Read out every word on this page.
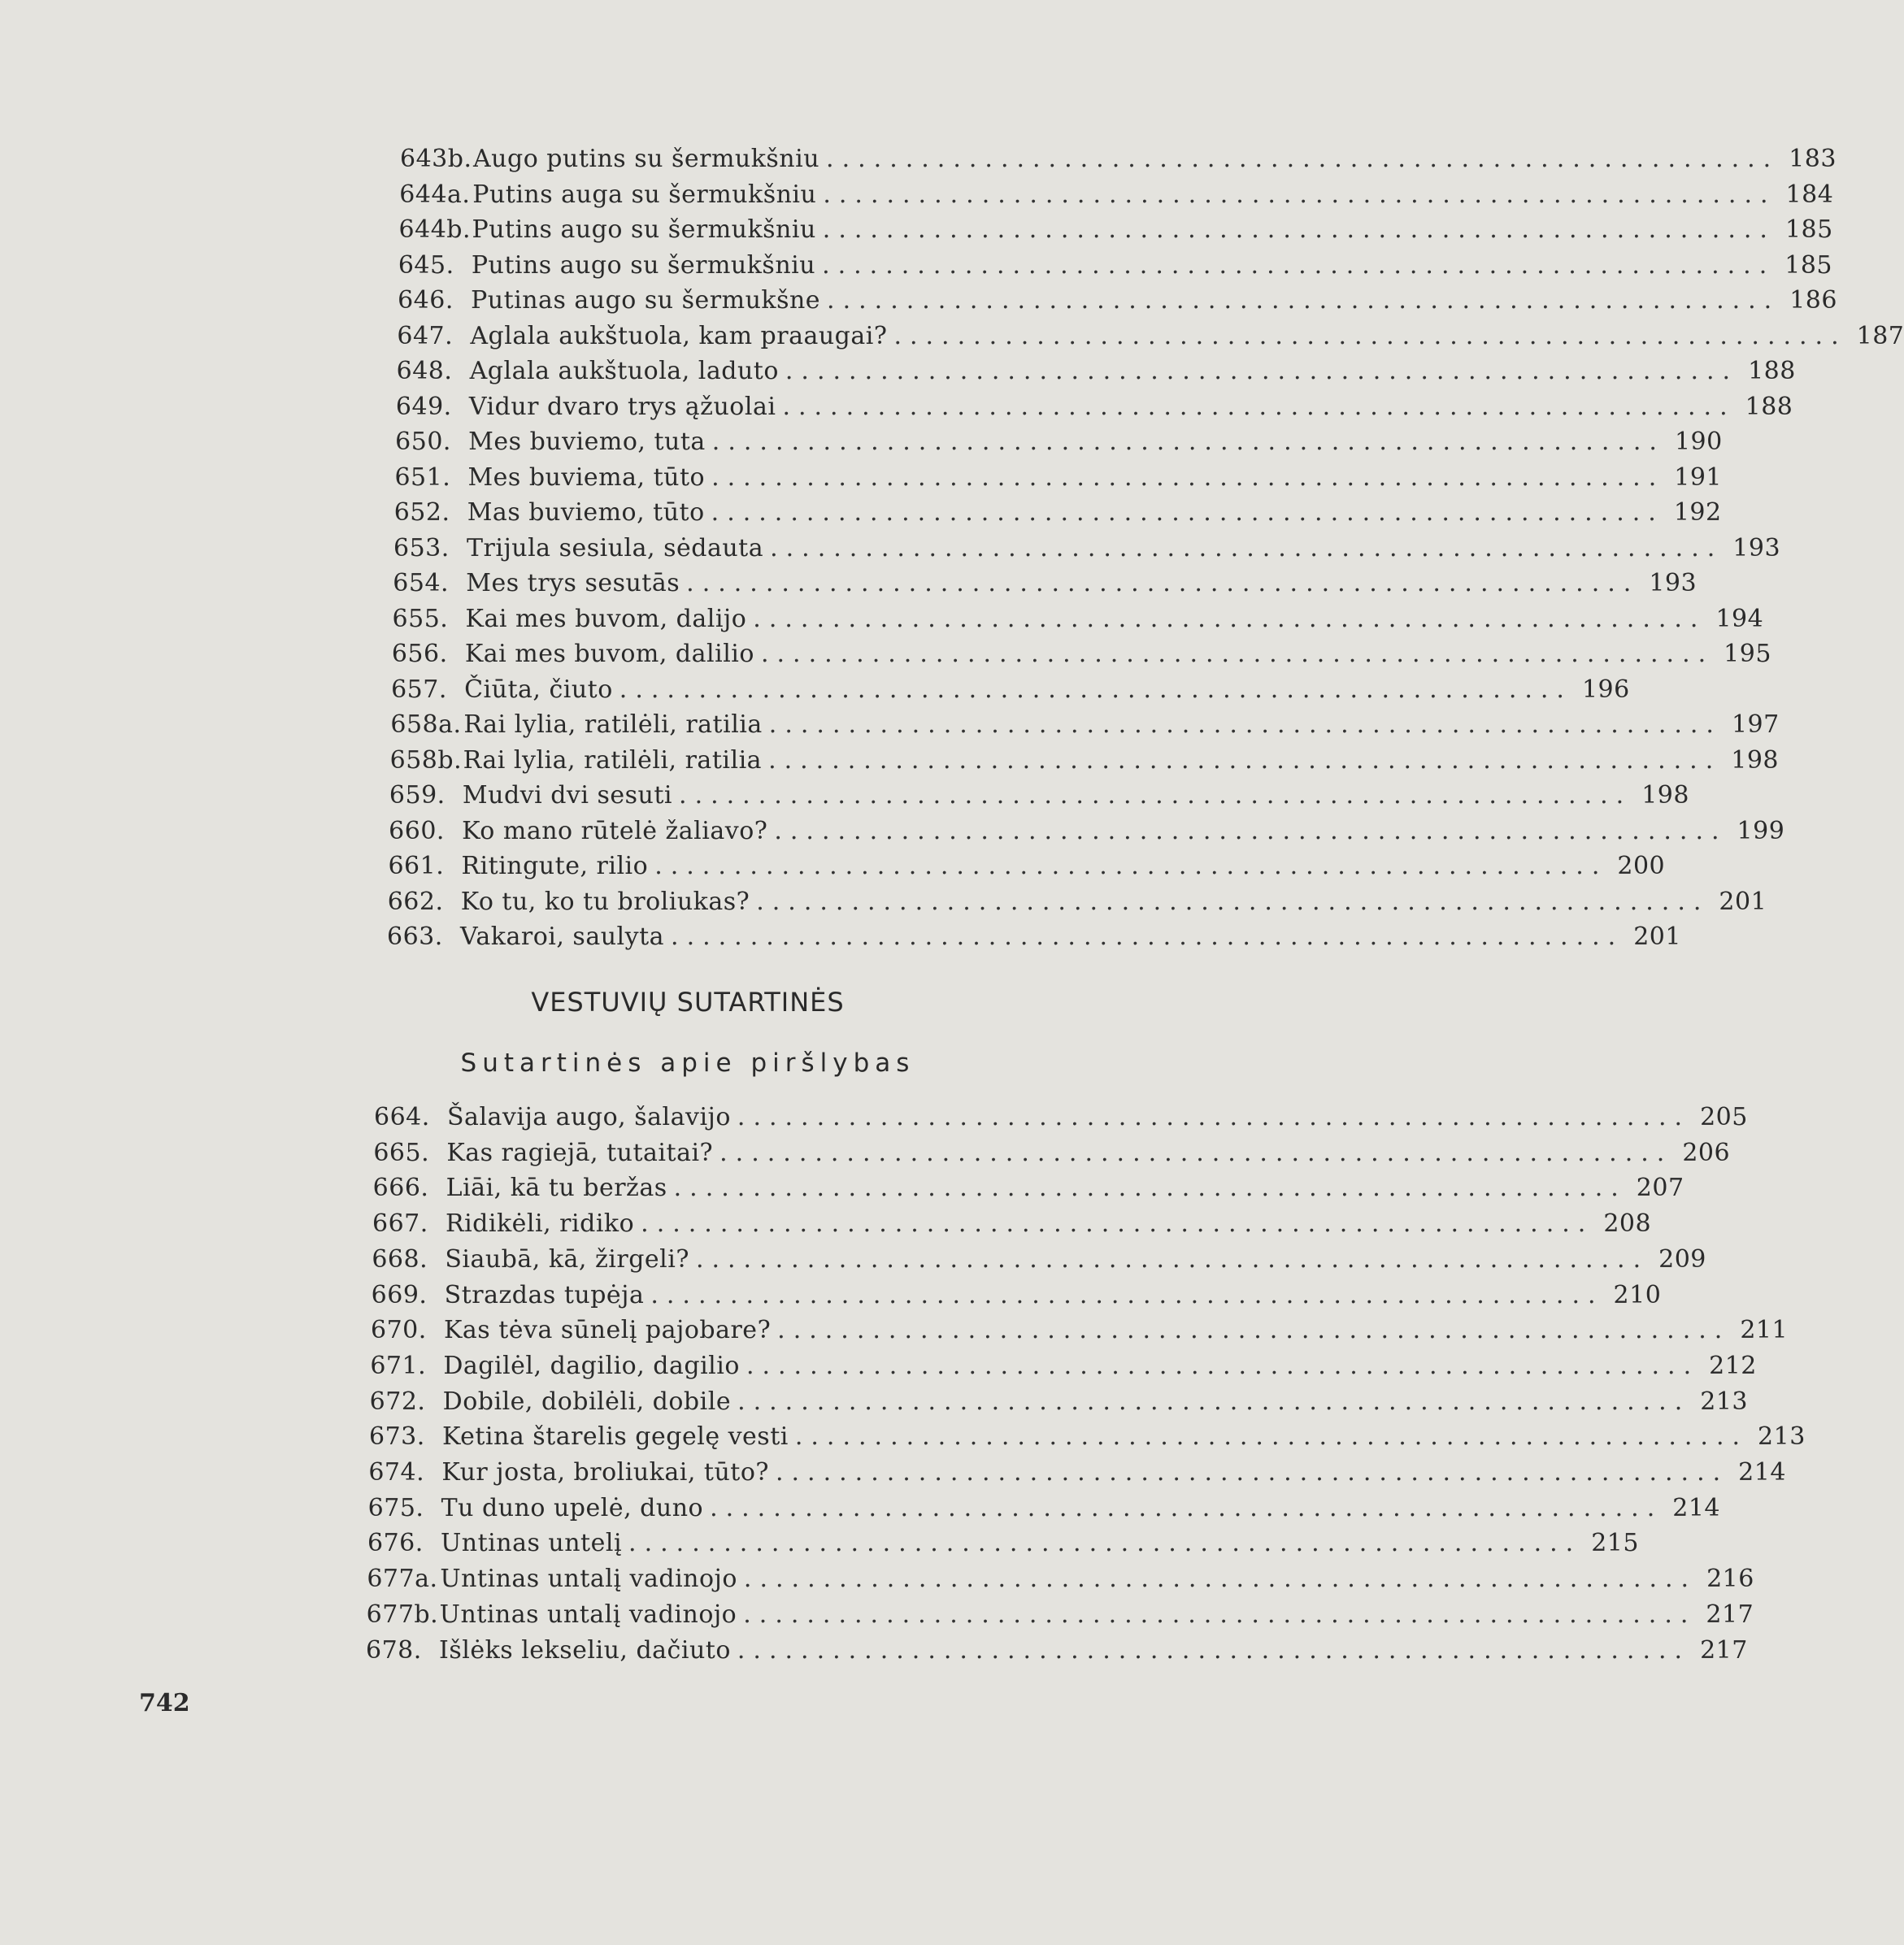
643b. Augo putins su šermukšniu ............................................................ 183
644a. Putins auga su šermukšniu ............................................................ 184
644b. Putins augo su šermukšniu ............................................................ 185
645. Putins augo su šermukšniu ............................................................ 185
646. Putinas augo su šermukšne ............................................................ 186
647. Aglala aukštuola, kam praaugai? ............................................................ 187
648. Aglala aukštuola, laduto ............................................................ 188
649. Vidur dvaro trys ąžuolai ............................................................ 188
650. Mes buviemo, tuta ............................................................ 190
651. Mes buviema, tūto ............................................................ 191
652. Mas buviemo, tūto ............................................................ 192
653. Trijula sesiula, sėdauta ............................................................ 193
654. Mes trys sesutās ............................................................ 193
655. Kai mes buvom, dalijo ............................................................ 194
656. Kai mes buvom, dalilio ............................................................ 195
657. Čiūta, čiuto ............................................................ 196
658a. Rai lylia, ratilėli, ratilia ............................................................ 197
658b. Rai lylia, ratilėli, ratilia ............................................................ 198
659. Mudvi dvi sesuti ............................................................ 198
660. Ko mano rūtelė žaliavo? ............................................................ 199
661. Ritingute, rilio ............................................................ 200
662. Ko tu, ko tu broliukas? ............................................................ 201
663. Vakaroi, saulyta ............................................................ 201
VESTUVIŲ SUTARTINĖS
Sutartinės apie piršlybas
664. Šalavija augo, šalavijo ............................................................ 205
665. Kas ragiejā, tutaitai? ............................................................ 206
666. Liāi, kā tu beržas ............................................................ 207
667. Ridikėli, ridiko ............................................................ 208
668. Siaubā, kā, žirgeli? ............................................................ 209
669. Strazdas tupėja ............................................................ 210
670. Kas tėva sūnelį pajobare? ............................................................ 211
671. Dagilėl, dagilio, dagilio ............................................................ 212
672. Dobile, dobilėli, dobile ............................................................ 213
673. Ketina štarelis gegelę vesti ............................................................ 213
674. Kur josta, broliukai, tūto? ............................................................ 214
675. Tu duno upelė, duno ............................................................ 214
676. Untinas untelį ............................................................ 215
677a. Untinas untalį vadinojo ............................................................ 216
677b. Untinas untalį vadinojo ............................................................ 217
678. Išlėks lekseliu, dačiuto ............................................................ 217
742
